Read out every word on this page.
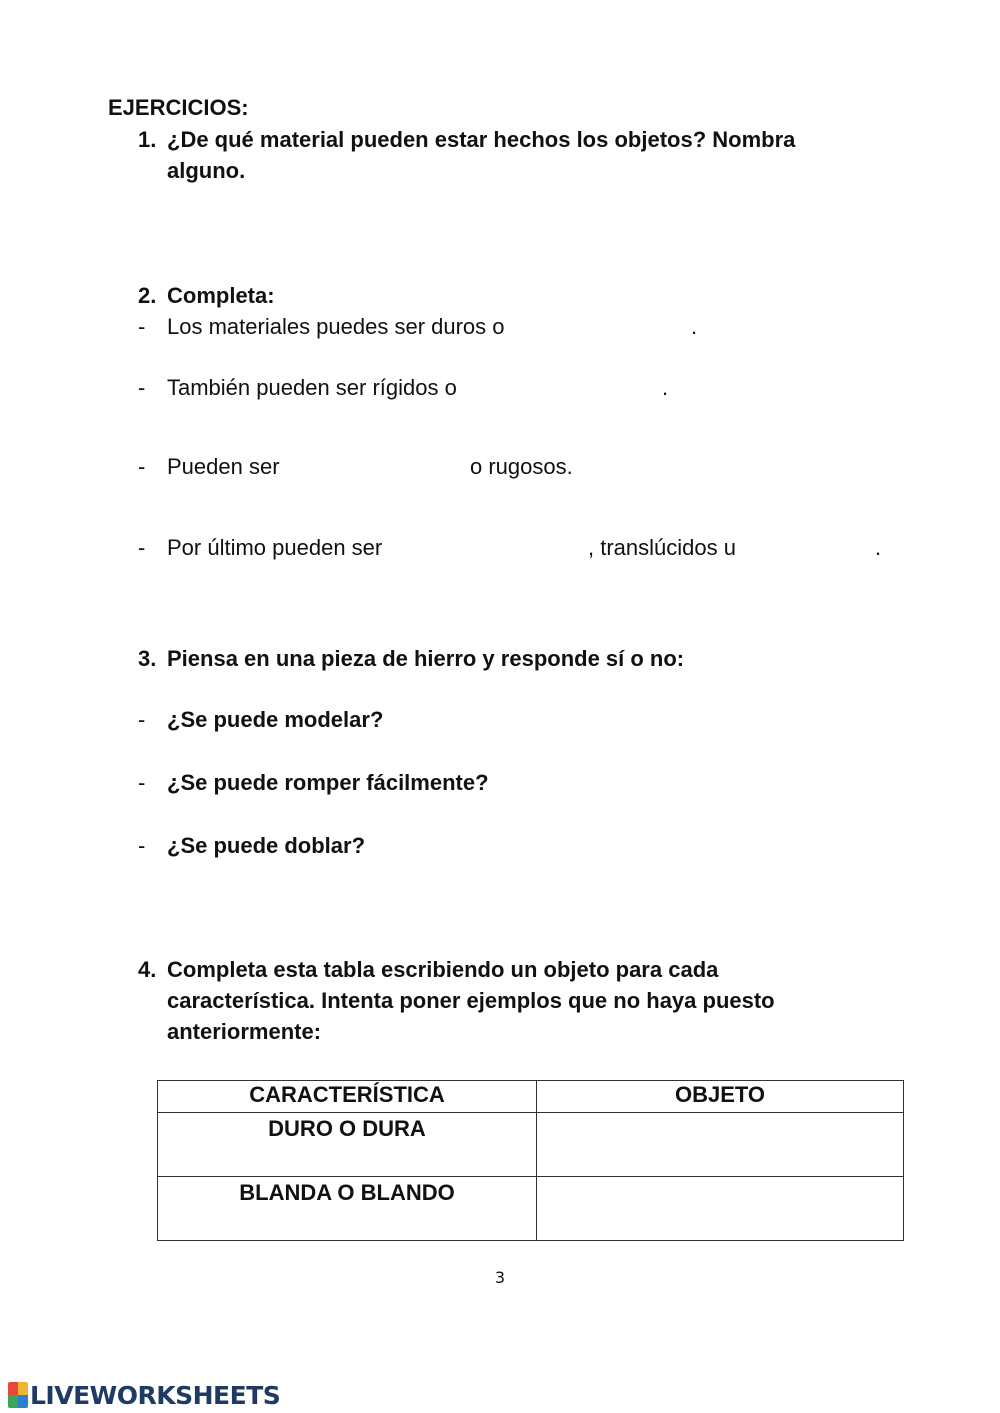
EJERCICIOS:
1. ¿De qué material pueden estar hechos los objetos? Nombra
alguno.
2. Completa:
- Los materiales puedes ser duros o	.
- También pueden ser rígidos o	.
- Pueden ser	o rugosos.
- Por último pueden ser	, translúcidos u	.
3. Piensa en una pieza de hierro y responde sí o no:
- ¿Se puede modelar?
- ¿Se puede romper fácilmente?
- ¿Se puede doblar?
4. Completa esta tabla escribiendo un objeto para cada
característica. Intenta poner ejemplos que no haya puesto
anteriormente:
CARACTERÍSTICA	OBJETO
DURO O DURA	
BLANDA O BLANDO	
3
LIVEWORKSHEETS
